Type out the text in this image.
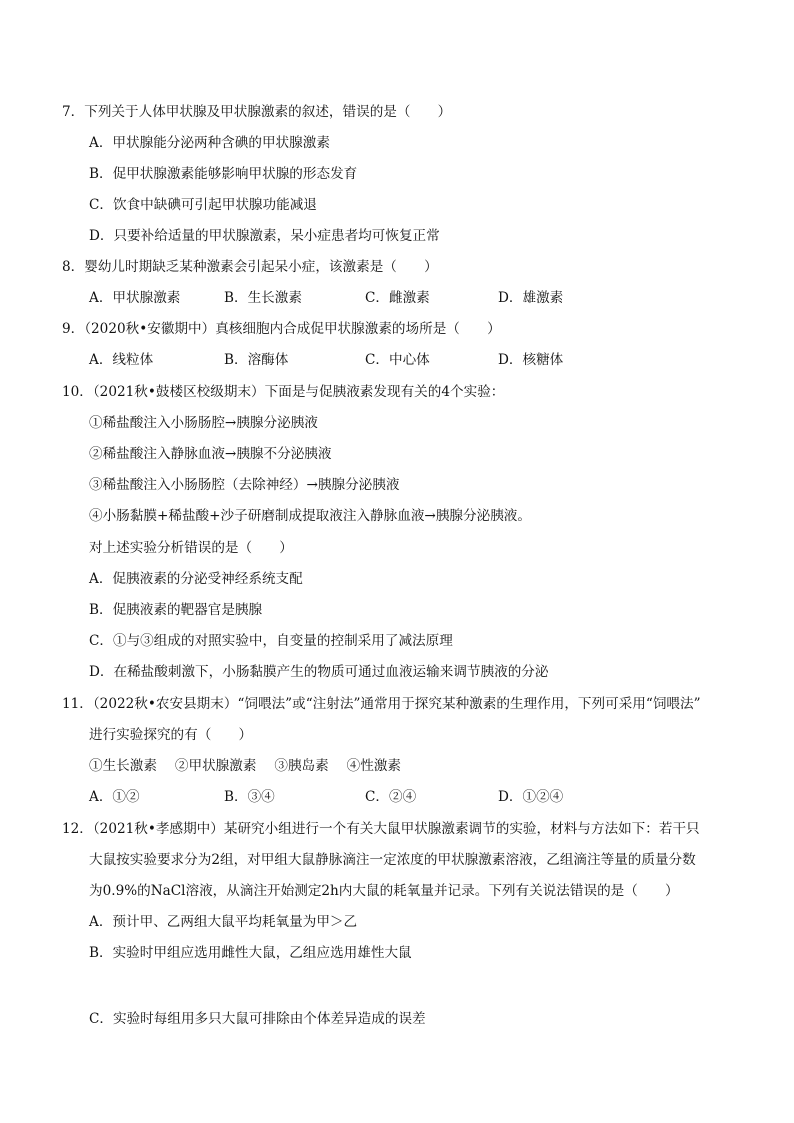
7．下列关于人体甲状腺及甲状腺激素的叙述，错误的是（　　）
A．甲状腺能分泌两种含碘的甲状腺激素
B．促甲状腺激素能够影响甲状腺的形态发育
C．饮食中缺碘可引起甲状腺功能减退
D．只要补给适量的甲状腺激素，呆小症患者均可恢复正常
8．婴幼儿时期缺乏某种激素会引起呆小症，该激素是（　　）
A．甲状腺激素	B．生长激素	C．雌激素	D．雄激素
9．（2020秋•安徽期中）真核细胞内合成促甲状腺激素的场所是（　　）
A．线粒体	B．溶酶体	C．中心体	D．核糖体
10．（2021秋•鼓楼区校级期末）下面是与促胰液素发现有关的4个实验：
①稀盐酸注入小肠肠腔→胰腺分泌胰液
②稀盐酸注入静脉血液→胰腺不分泌胰液
③稀盐酸注入小肠肠腔（去除神经）→胰腺分泌胰液
④小肠黏膜+稀盐酸+沙子研磨制成提取液注入静脉血液→胰腺分泌胰液。
对上述实验分析错误的是（　　）
A．促胰液素的分泌受神经系统支配
B．促胰液素的靶器官是胰腺
C．①与③组成的对照实验中，自变量的控制采用了减法原理
D．在稀盐酸刺激下，小肠黏膜产生的物质可通过血液运输来调节胰液的分泌
11．（2022秋•农安县期末）“饲喂法”或“注射法”通常用于探究某种激素的生理作用，下列可采用“饲喂法”
进行实验探究的有（　　）
①生长激素　 ②甲状腺激素　 ③胰岛素　 ④性激素
A．①②	B．③④	C．②④	D．①②④
12．（2021秋•孝感期中）某研究小组进行一个有关大鼠甲状腺激素调节的实验，材料与方法如下：若干只
大鼠按实验要求分为2组，对甲组大鼠静脉滴注一定浓度的甲状腺激素溶液，乙组滴注等量的质量分数
为0.9%的NaCl溶液，从滴注开始测定2h内大鼠的耗氧量并记录。下列有关说法错误的是（　　）
A．预计甲、乙两组大鼠平均耗氧量为甲＞乙
B．实验时甲组应选用雌性大鼠，乙组应选用雄性大鼠
C．实验时每组用多只大鼠可排除由个体差异造成的误差
